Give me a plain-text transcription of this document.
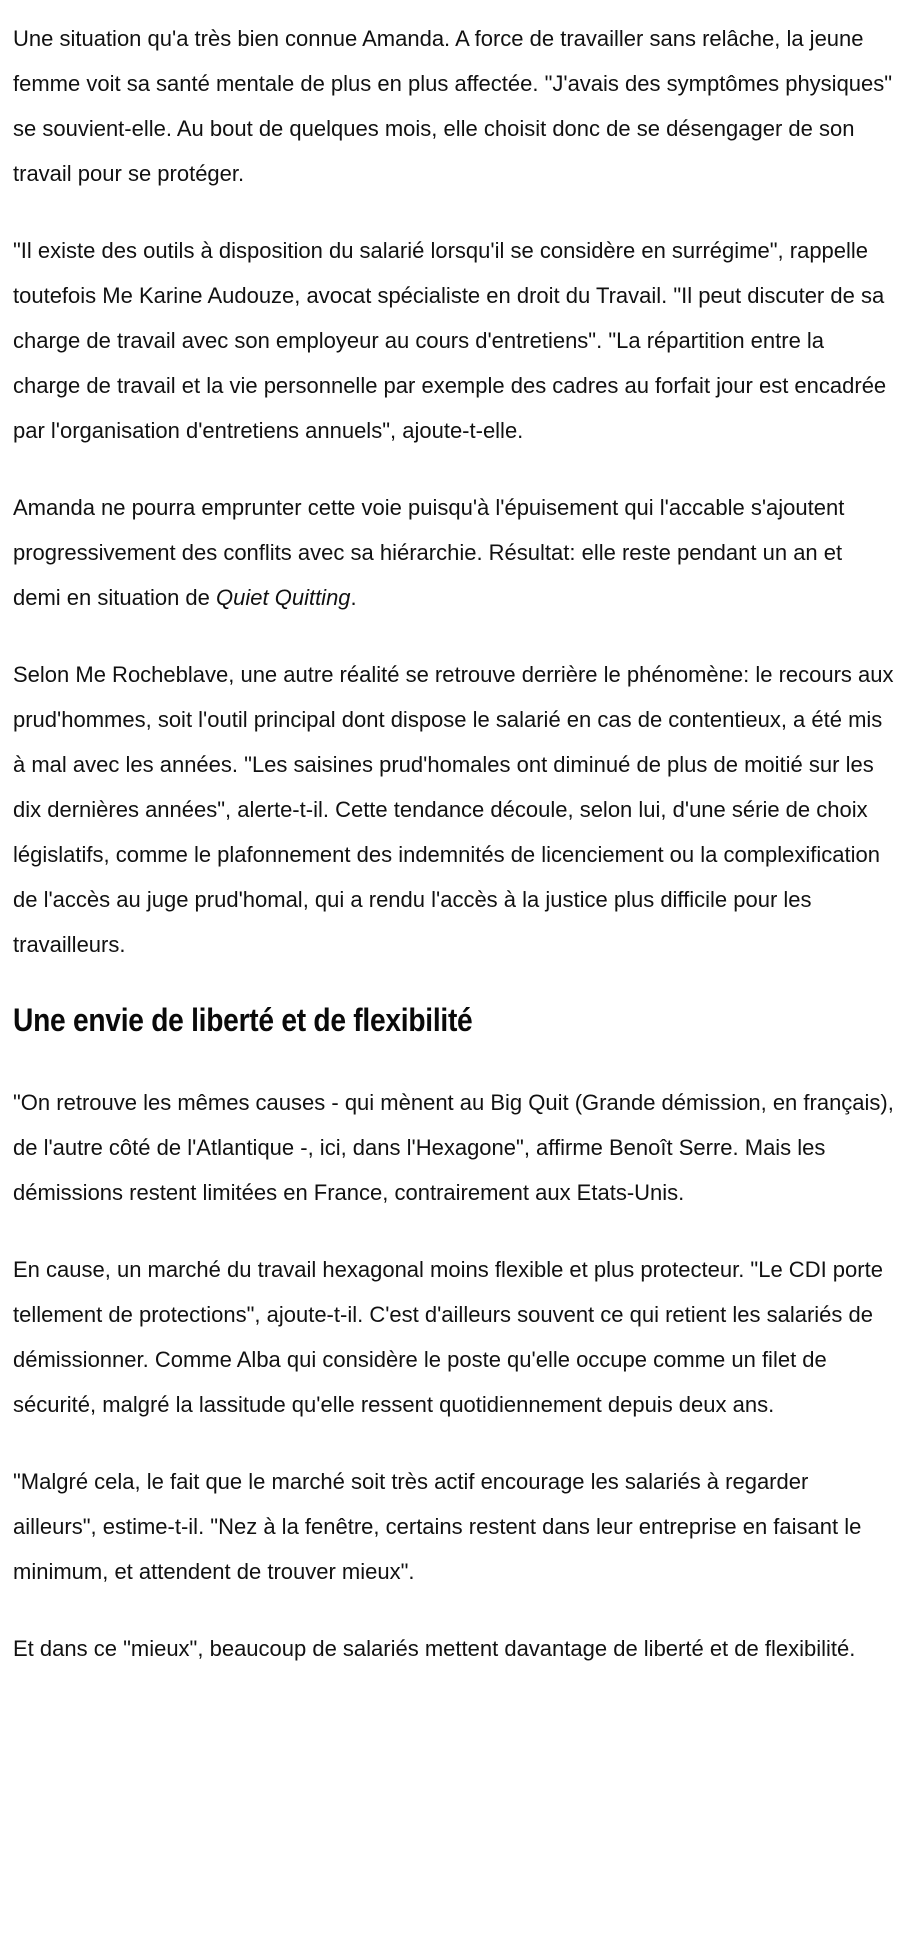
Une situation qu'a très bien connue Amanda. A force de travailler sans relâche, la jeune femme voit sa santé mentale de plus en plus affectée. "J'avais des symptômes physiques" se souvient-elle. Au bout de quelques mois, elle choisit donc de se désengager de son travail pour se protéger.

"Il existe des outils à disposition du salarié lorsqu'il se considère en surrégime", rappelle toutefois Me Karine Audouze, avocat spécialiste en droit du Travail. "Il peut discuter de sa charge de travail avec son employeur au cours d'entretiens". "La répartition entre la charge de travail et la vie personnelle par exemple des cadres au forfait jour est encadrée par l'organisation d'entretiens annuels", ajoute-t-elle.

Amanda ne pourra emprunter cette voie puisqu'à l'épuisement qui l'accable s'ajoutent progressivement des conflits avec sa hiérarchie. Résultat: elle reste pendant un an et demi en situation de Quiet Quitting.

Selon Me Rocheblave, une autre réalité se retrouve derrière le phénomène: le recours aux prud'hommes, soit l'outil principal dont dispose le salarié en cas de contentieux, a été mis à mal avec les années. "Les saisines prud'homales ont diminué de plus de moitié sur les dix dernières années", alerte-t-il. Cette tendance découle, selon lui, d'une série de choix législatifs, comme le plafonnement des indemnités de licenciement ou la complexification de l'accès au juge prud'homal, qui a rendu l'accès à la justice plus difficile pour les travailleurs.

Une envie de liberté et de flexibilité

"On retrouve les mêmes causes - qui mènent au Big Quit (Grande démission, en français), de l'autre côté de l'Atlantique -, ici, dans l'Hexagone", affirme Benoît Serre. Mais les démissions restent limitées en France, contrairement aux Etats-Unis.

En cause, un marché du travail hexagonal moins flexible et plus protecteur. "Le CDI porte tellement de protections", ajoute-t-il. C'est d'ailleurs souvent ce qui retient les salariés de démissionner. Comme Alba qui considère le poste qu'elle occupe comme un filet de sécurité, malgré la lassitude qu'elle ressent quotidiennement depuis deux ans.

"Malgré cela, le fait que le marché soit très actif encourage les salariés à regarder ailleurs", estime-t-il. "Nez à la fenêtre, certains restent dans leur entreprise en faisant le minimum, et attendent de trouver mieux".

Et dans ce "mieux", beaucoup de salariés mettent davantage de liberté et de flexibilité.
